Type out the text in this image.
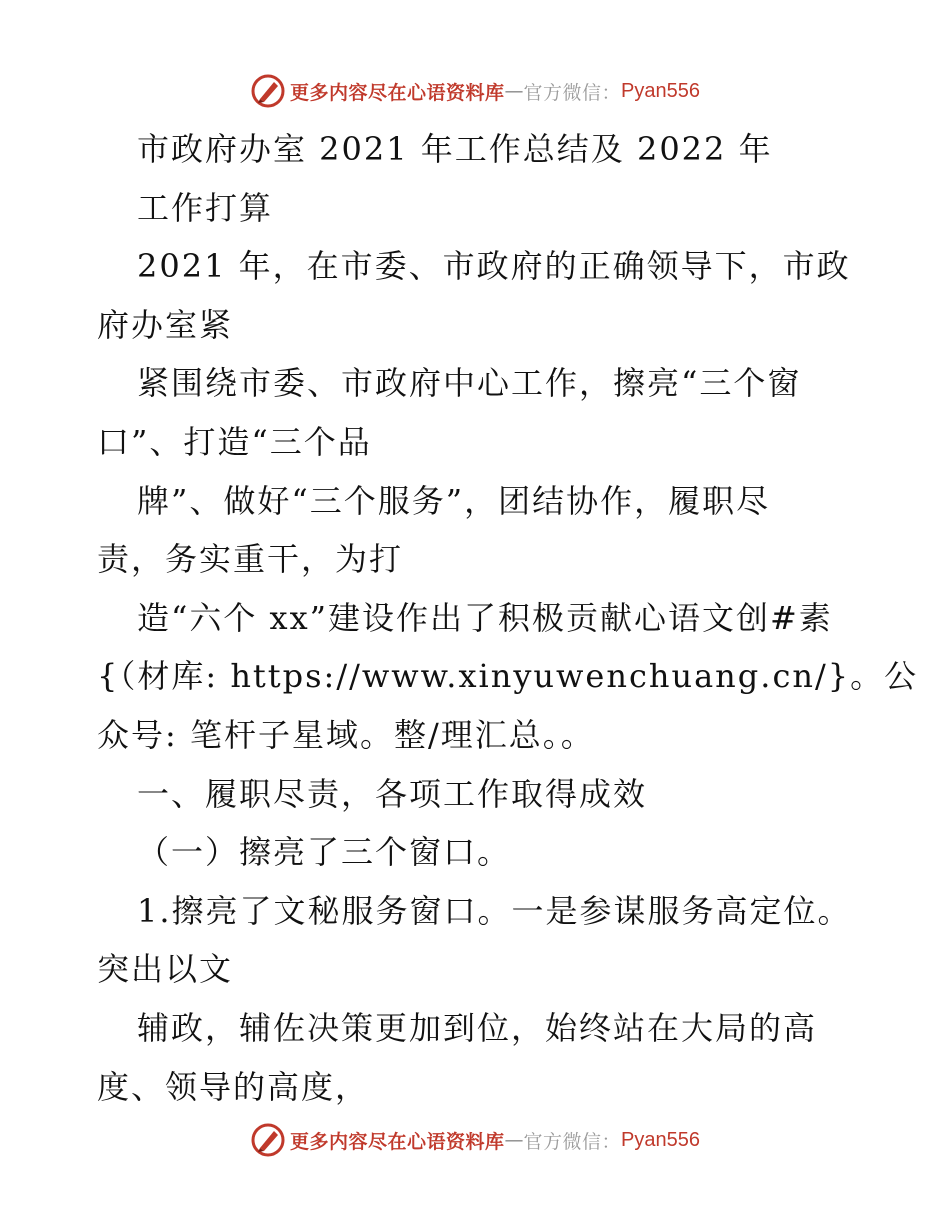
更多内容尽在心语资料库 — 官方微信： Pyan556
市政府办室 2021 年工作总结及 2022 年
工作打算
2021 年，在市委、市政府的正确领导下，市政
府办室紧
紧围绕市委、市政府中心工作，擦亮“三个窗
口”、打造“三个品
牌”、做好“三个服务”，团结协作，履职尽
责，务实重干，为打
造“六个 xx”建设作出了积极贡献心语文创#素
{（材库: https://www.xinyuwenchuang.cn/}。公
众号: 笔杆子星域。整/理汇总。。
一、履职尽责，各项工作取得成效
（一）擦亮了三个窗口。
1.擦亮了文秘服务窗口。一是参谋服务高定位。
突出以文
辅政，辅佐决策更加到位，始终站在大局的高
度、领导的高度，
更多内容尽在心语资料库 — 官方微信： Pyan556
